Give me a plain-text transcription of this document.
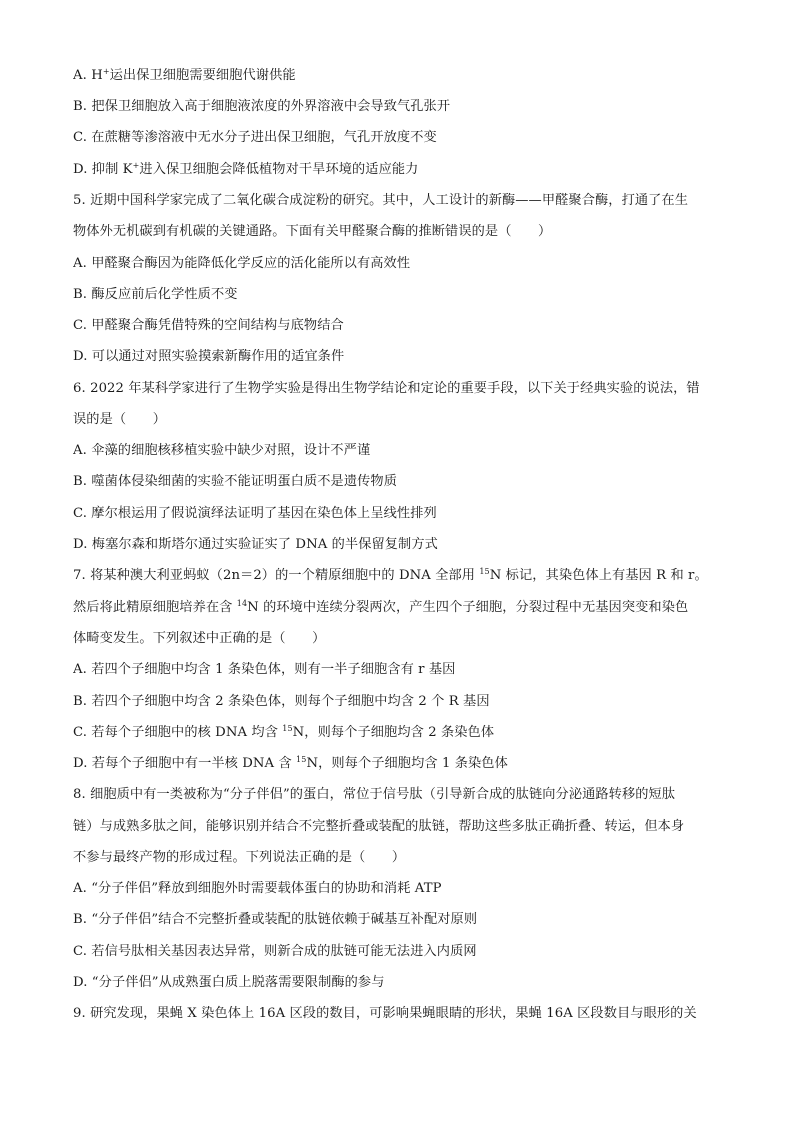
A. H+运出保卫细胞需要细胞代谢供能
B. 把保卫细胞放入高于细胞液浓度的外界溶液中会导致气孔张开
C. 在蔗糖等渗溶液中无水分子进出保卫细胞，气孔开放度不变
D. 抑制 K+进入保卫细胞会降低植物对干旱环境的适应能力
5. 近期中国科学家完成了二氧化碳合成淀粉的研究。其中，人工设计的新酶——甲醛聚合酶，打通了在生
物体外无机碳到有机碳的关键通路。下面有关甲醛聚合酶的推断错误的是（　　）
A. 甲醛聚合酶因为能降低化学反应的活化能所以有高效性
B. 酶反应前后化学性质不变
C. 甲醛聚合酶凭借特殊的空间结构与底物结合
D. 可以通过对照实验摸索新酶作用的适宜条件
6. 2022 年某科学家进行了生物学实验是得出生物学结论和定论的重要手段，以下关于经典实验的说法，错
误的是（　　）
A. 伞藻的细胞核移植实验中缺少对照，设计不严谨
B. 噬菌体侵染细菌的实验不能证明蛋白质不是遗传物质
C. 摩尔根运用了假说演绎法证明了基因在染色体上呈线性排列
D. 梅塞尔森和斯塔尔通过实验证实了 DNA 的半保留复制方式
7. 将某种澳大利亚蚂蚁（2n＝2）的一个精原细胞中的 DNA 全部用 $^{15}$N 标记，其染色体上有基因 R 和 r。
然后将此精原细胞培养在含 $^{14}$N 的环境中连续分裂两次，产生四个子细胞，分裂过程中无基因突变和染色
体畸变发生。下列叙述中正确的是（　　）
A. 若四个子细胞中均含 1 条染色体，则有一半子细胞含有 r 基因
B. 若四个子细胞中均含 2 条染色体，则每个子细胞中均含 2 个 R 基因
C. 若每个子细胞中的核 DNA 均含 $^{15}$N，则每个子细胞均含 2 条染色体
D. 若每个子细胞中有一半核 DNA 含 $^{15}$N，则每个子细胞均含 1 条染色体
8. 细胞质中有一类被称为“分子伴侣”的蛋白，常位于信号肽（引导新合成的肽链向分泌通路转移的短肽
链）与成熟多肽之间，能够识别并结合不完整折叠或装配的肽链，帮助这些多肽正确折叠、转运，但本身
不参与最终产物的形成过程。下列说法正确的是（　　）
A. “分子伴侣”释放到细胞外时需要载体蛋白的协助和消耗 ATP
B. “分子伴侣”结合不完整折叠或装配的肽链依赖于碱基互补配对原则
C. 若信号肽相关基因表达异常，则新合成的肽链可能无法进入内质网
D. “分子伴侣”从成熟蛋白质上脱落需要限制酶的参与
9. 研究发现，果蝇 X 染色体上 16A 区段的数目，可影响果蝇眼睛的形状，果蝇 16A 区段数目与眼形的关
